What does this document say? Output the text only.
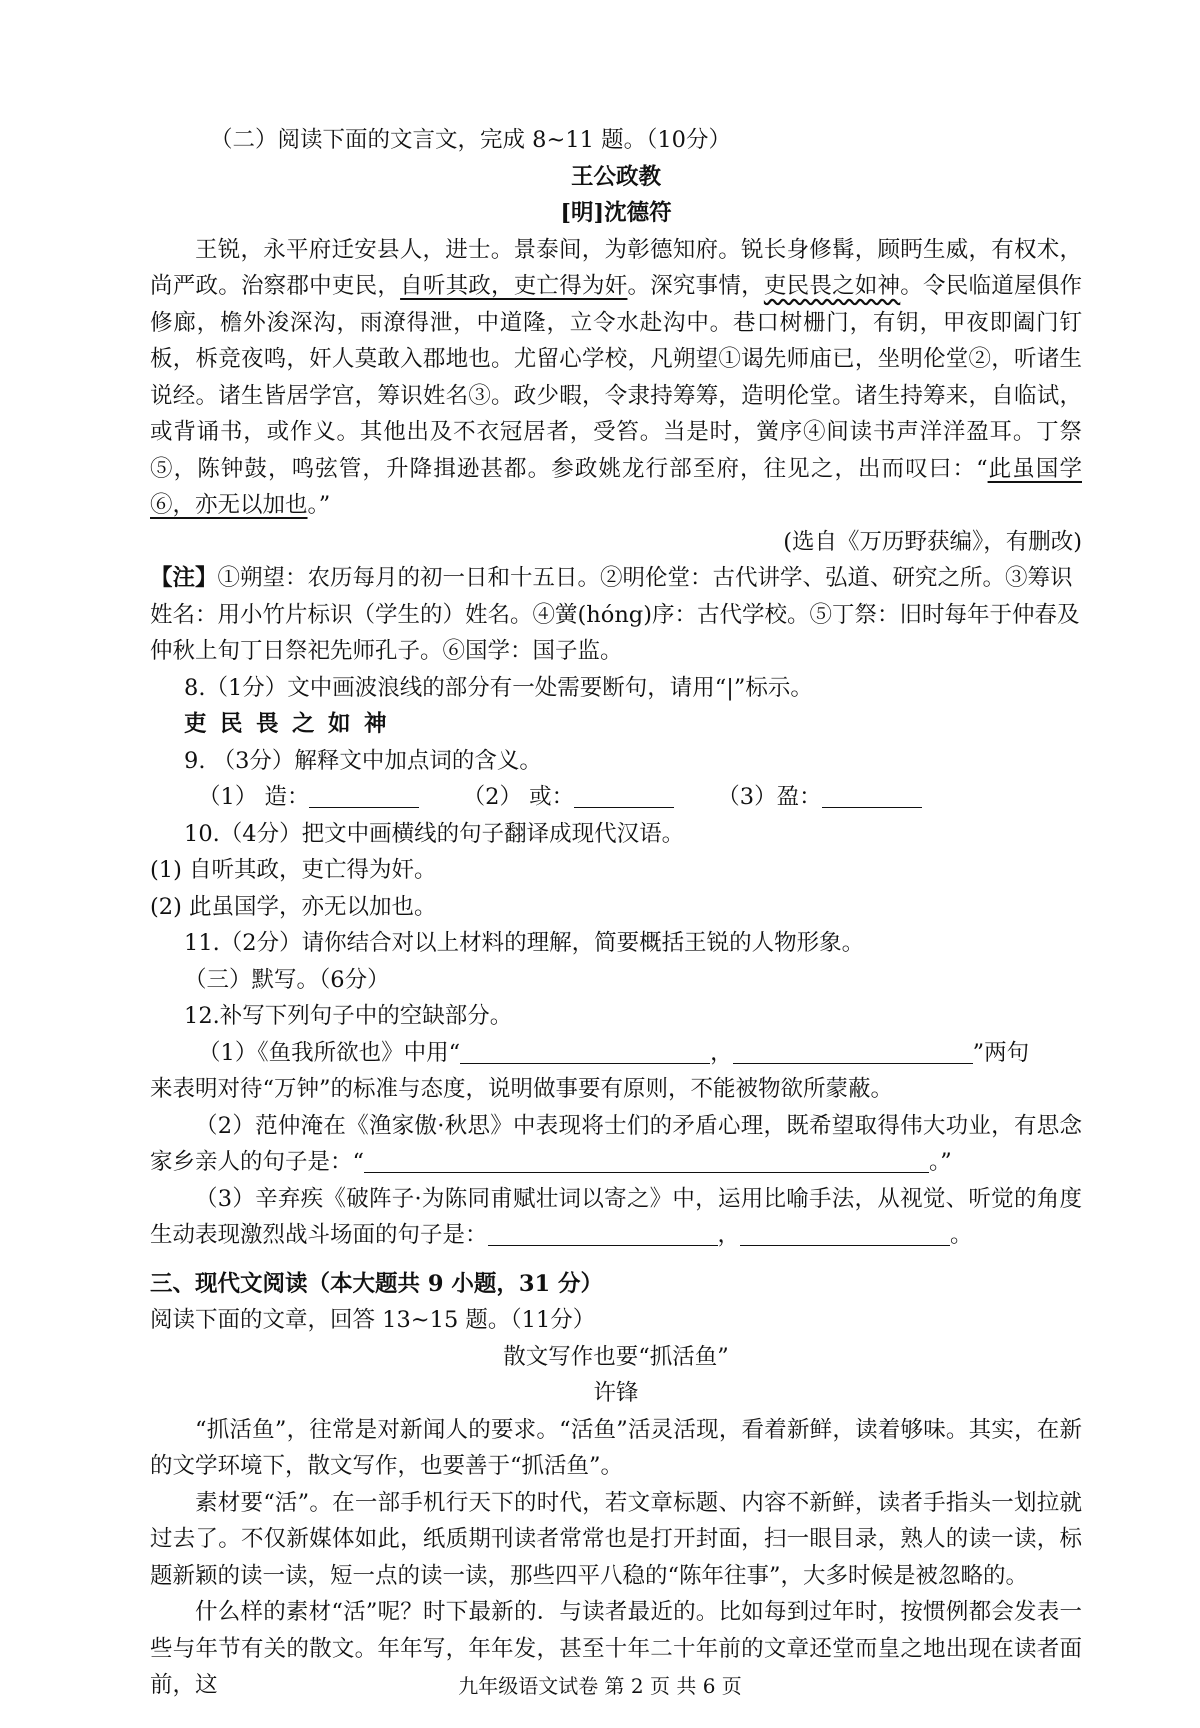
（二）阅读下面的文言文，完成 8~11 题。（10分）
王公政教
[明]沈德符

王锐，永平府迁安县人，进士。景泰间，为彰德知府。锐长身修髯，顾眄生威，有权术，尚严政。治察郡中吏民，自听其政，吏亡得为奸。深究事情，吏民畏之如神。令民临道屋俱作修廊，檐外浚深沟，雨潦得泄，中道隆，立令水赴沟中。巷口树栅门，有钥，甲夜即阖门钉板，柝竞夜鸣，奸人莫敢入郡地也。尤留心学校，凡朔望①谒先师庙已，坐明伦堂②，听诸生说经。诸生皆居学宫，筹识姓名③。政少暇，令隶持筹筹，造明伦堂。诸生持筹来，自临试，或背诵书，或作义。其他出及不衣冠居者，受笞。当是时，黉序④间读书声洋洋盈耳。丁祭⑤，陈钟鼓，鸣弦管，升降揖逊甚都。参政姚龙行部至府，往见之，出而叹曰：“此虽国学⑥，亦无以加也。”

(选自《万历野获编》，有删改)
【注】①朔望：农历每月的初一日和十五日。②明伦堂：古代讲学、弘道、研究之所。③筹识姓名：用小竹片标识（学生的）姓名。④黉(hóng)序：古代学校。⑤丁祭：旧时每年于仲春及仲秋上旬丁日祭祀先师孔子。⑥国学：国子监。
8.（1分）文中画波浪线的部分有一处需要断句，请用“|”标示。
吏民畏之如神
9. （3分）解释文中加点词的含义。
（1） 造：	（2） 或：	（3）盈：
10.（4分）把文中画横线的句子翻译成现代汉语。
(1) 自听其政，吏亡得为奸。
(2) 此虽国学，亦无以加也。
11.（2分）请你结合对以上材料的理解，简要概括王锐的人物形象。
（三）默写。（6分）
12.补写下列句子中的空缺部分。
（1）《鱼我所欲也》中用“	，	”两句
来表明对待“万钟”的标准与态度，说明做事要有原则，不能被物欲所蒙蔽。

（2）范仲淹在《渔家傲·秋思》中表现将士们的矛盾心理，既希望取得伟大功业，有思念家乡亲人的句子是：“	。”

（3）辛弃疾《破阵子·为陈同甫赋壮词以寄之》中，运用比喻手法，从视觉、听觉的角度生动表现激烈战斗场面的句子是：	，	。

三、现代文阅读（本大题共 9 小题，31 分）
阅读下面的文章，回答 13~15 题。（11分）
散文写作也要“抓活鱼”
许锋

“抓活鱼”，往常是对新闻人的要求。“活鱼”活灵活现，看着新鲜，读着够味。其实，在新的文学环境下，散文写作，也要善于“抓活鱼”。

素材要“活”。在一部手机行天下的时代，若文章标题、内容不新鲜，读者手指头一划拉就过去了。不仅新媒体如此，纸质期刊读者常常也是打开封面，扫一眼目录，熟人的读一读，标题新颖的读一读，短一点的读一读，那些四平八稳的“陈年往事”，大多时候是被忽略的。

什么样的素材“活”呢？时下最新的．与读者最近的。比如每到过年时，按惯例都会发表一些与年节有关的散文。年年写，年年发，甚至十年二十年前的文章还堂而皇之地出现在读者面前，这	九年级语文试卷 第 2 页 共 6 页
